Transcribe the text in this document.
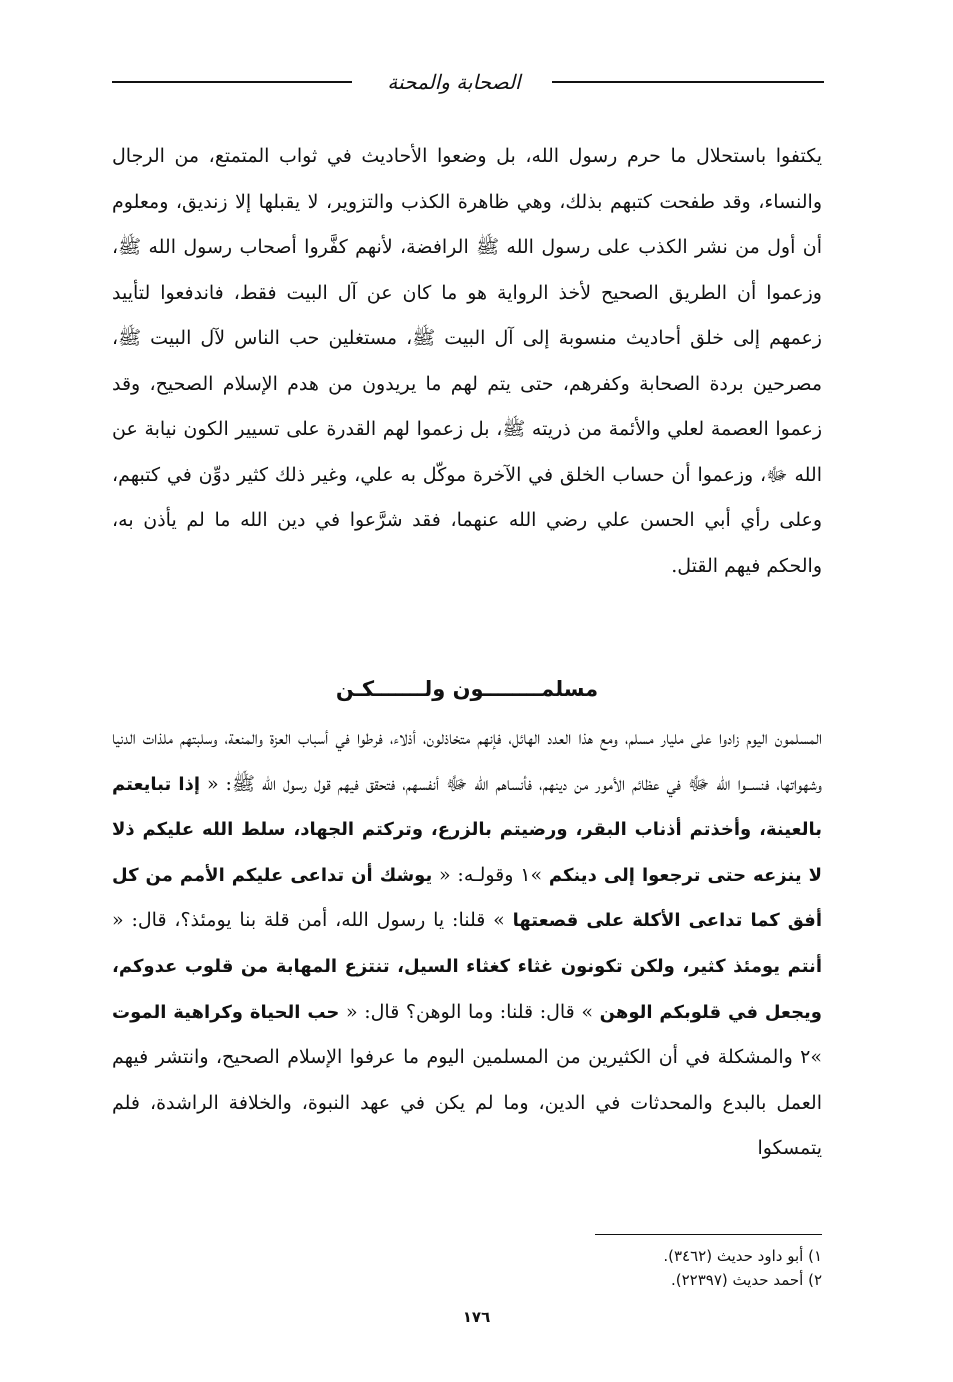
الصحابة والمحنة
يكتفوا باستحلال ما حرم رسول الله، بل وضعوا الأحاديث في ثواب المتمتع، من الرجال والنساء، وقد طفحت كتبهم بذلك، وهي ظاهرة الكذب والتزوير، لا يقبلها إلا زنديق، ومعلوم أن أول من نشر الكذب على رسول الله ﷺ الرافضة، لأنهم كفَّروا أصحاب رسول الله ﷺ، وزعموا أن الطريق الصحيح لأخذ الرواية هو ما كان عن آل البيت فقط، فاندفعوا لتأييد زعمهم إلى خلق أحاديث منسوبة إلى آل البيت ﷺ، مستغلين حب الناس لآل البيت ﷺ، مصرحين بردة الصحابة وكفرهم، حتى يتم لهم ما يريدون من هدم الإسلام الصحيح، وقد زعموا العصمة لعلي والأئمة من ذريته ﷺ، بل زعموا لهم القدرة على تسيير الكون نيابة عن الله ﷻ، وزعموا أن حساب الخلق في الآخرة موكّل به علي، وغير ذلك كثير دوِّن في كتبهم، وعلى رأي أبي الحسن علي رضي الله عنهما، فقد شرَّعوا في دين الله ما لم يأذن به، والحكم فيهم القتل.
مسلمــــــــون ولـــــــكـن
المسلمون اليوم زادوا على مليار مسلم، ومع هذا العدد الهائل، فإنهم متخاذلون، أذلاء، فرطوا في أسباب العزة والمنعة، وسلبتهم ملذات الدنيا وشهواتها، فنســوا الله ﷻ في عظائم الأمور من دينهم، فأنساهم الله ﷻ أنفسهم، فتحقق فيهم قول رسول الله ﷺ: « إذا تبايعتم بالعينة، وأخذتم أذناب البقر، ورضيتم بالزرع، وتركتم الجهاد، سلط الله عليكم ذلا لا ينزعه حتى ترجعوا إلى دينكم »١ وقولـه: « يوشك أن تداعى عليكم الأمم من كل أفق كما تداعى الأكلة على قصعتها » قلنا: يا رسول الله، أمن قلة بنا يومئذ؟، قال: « أنتم يومئذ كثير، ولكن تكونون غثاء كغثاء السيل، تنتزع المهابة من قلوب عدوكم، ويجعل في قلوبكم الوهن » قال: قلنا: وما الوهن؟ قال: « حب الحياة وكراهية الموت »٢ والمشكلة في أن الكثيرين من المسلمين اليوم ما عرفوا الإسلام الصحيح، وانتشر فيهم العمل بالبدع والمحدثات في الدين، وما لم يكن في عهد النبوة، والخلافة الراشدة، فلم يتمسكوا
١) أبو داود حديث (٣٤٦٢).
٢) أحمد حديث (٢٢٣٩٧).
١٧٦
